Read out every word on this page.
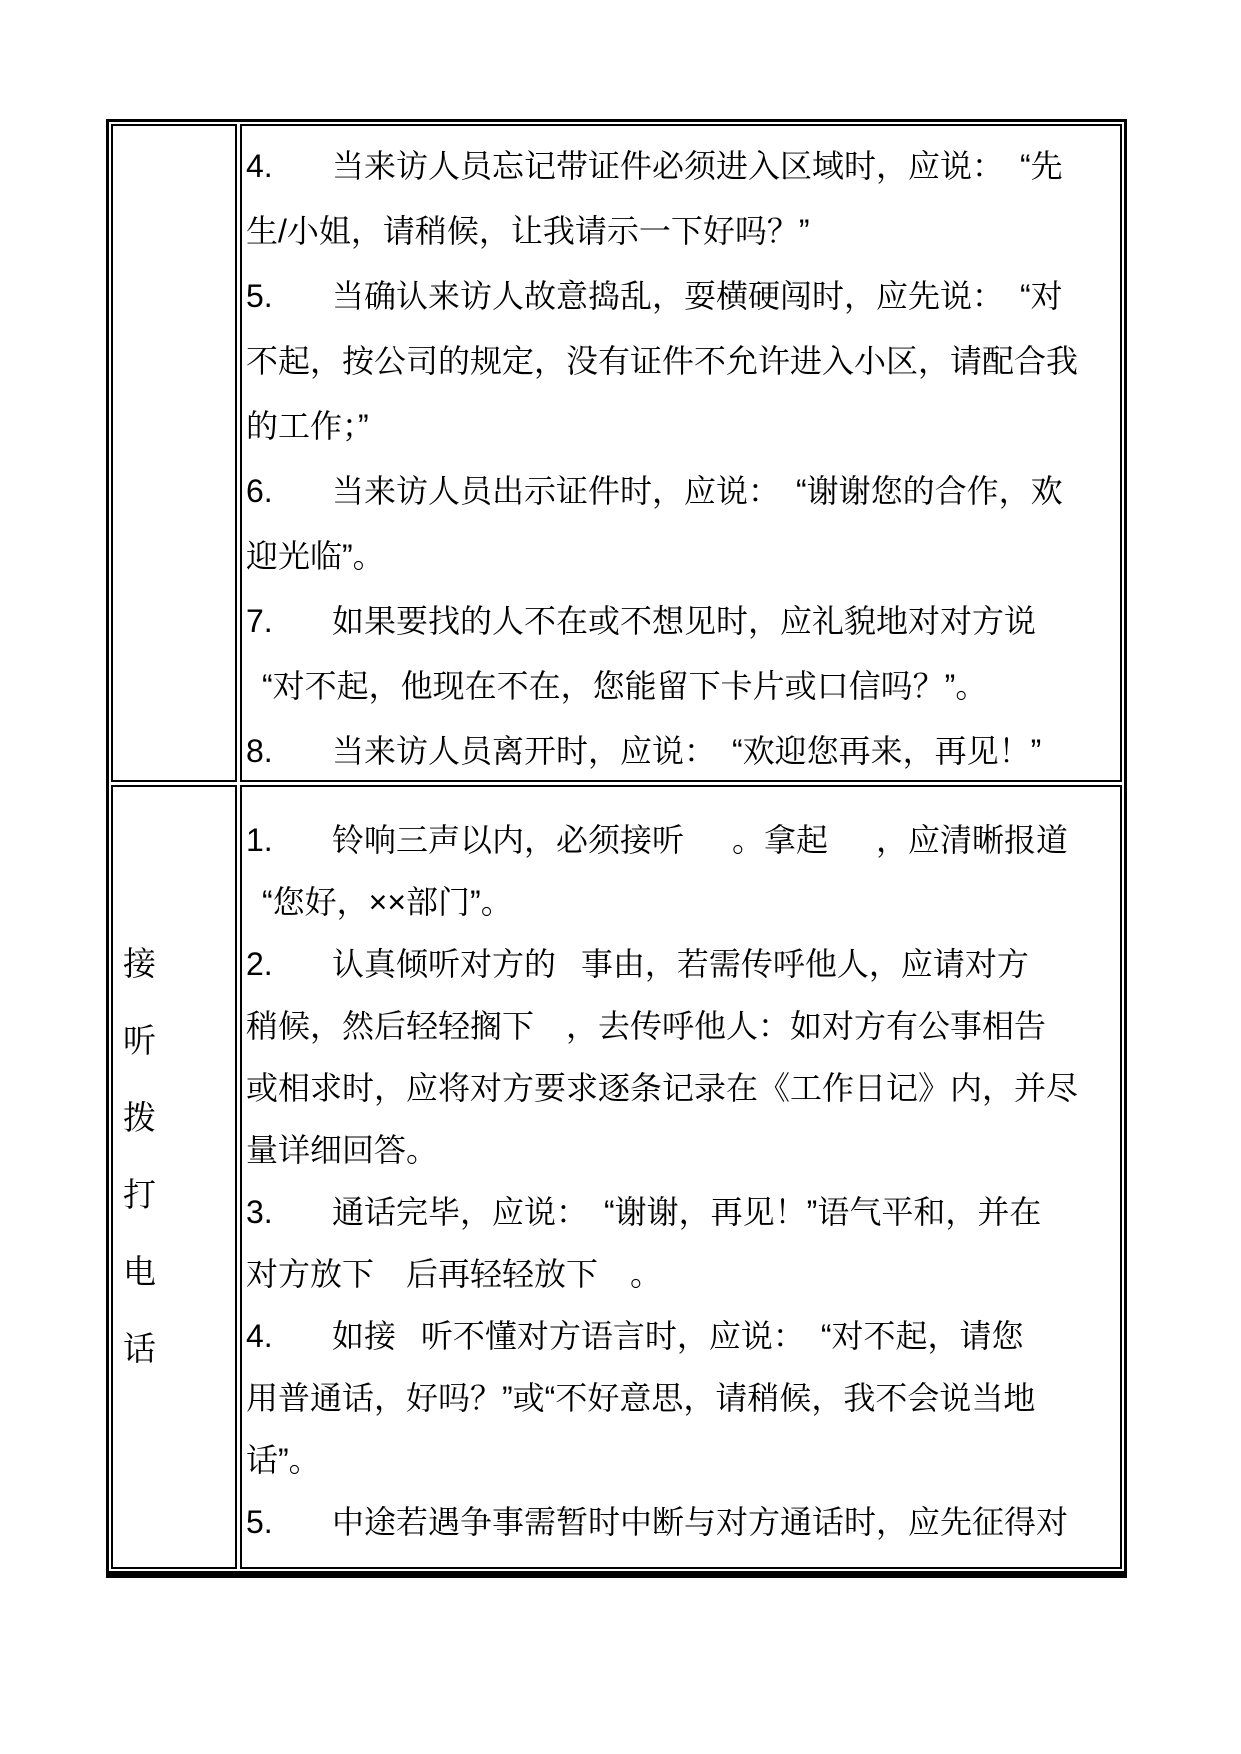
4. 当来访人员忘记带证件必须进入区域时，应说： “先
生/小姐，请稍候，让我请示一下好吗？”
5. 当确认来访人故意捣乱，耍横硬闯时，应先说： “对
不起，按公司的规定，没有证件不允许进入小区，请配合我
的工作；”
6. 当来访人员出示证件时，应说： “谢谢您的合作，欢
迎光临”。
7. 如果要找的人不在或不想见时，应礼貌地对对方说
 “对不起，他现在不在，您能留下卡片或口信吗？”。
8. 当来访人员离开时，应说： “欢迎您再来，再见！”
接
听
拨
打
电
话
1. 铃响三声以内，必须接听　 。拿起　 ，应清晰报道
 “您好，××部门”。
2. 认真倾听对方的  事由，若需传呼他人，应请对方
稍候，然后轻轻搁下　，去传呼他人：如对方有公事相告
或相求时，应将对方要求逐条记录在《工作日记》内，并尽
量详细回答。
3. 通话完毕，应说： “谢谢，再见！”语气平和，并在
对方放下　后再轻轻放下　。
4. 如接  听不懂对方语言时，应说： “对不起，请您
用普通话，好吗？”或“不好意思，请稍候，我不会说当地
话”。
5. 中途若遇争事需暂时中断与对方通话时，应先征得对
